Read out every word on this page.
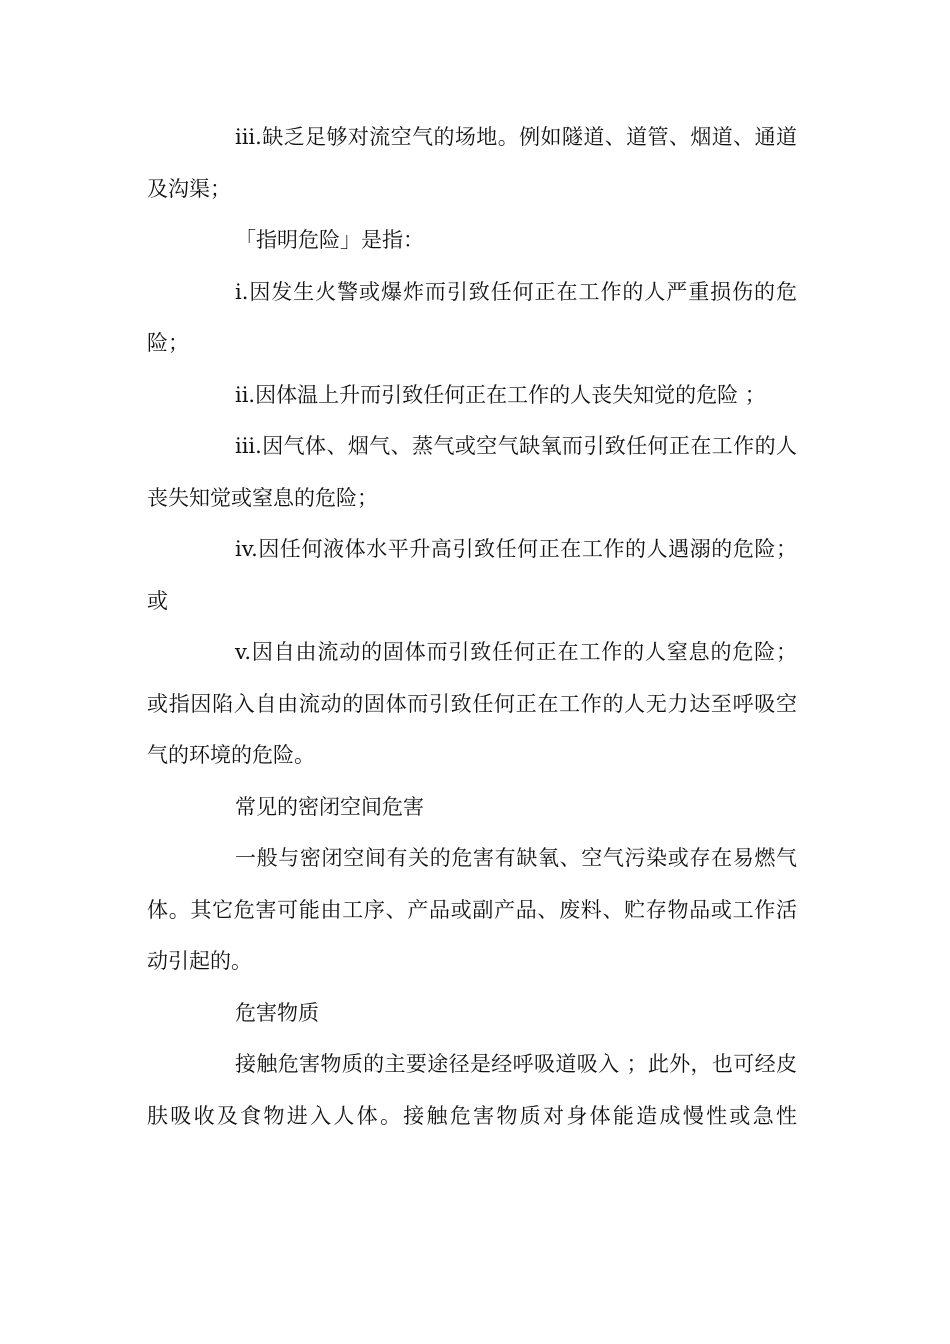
iii.缺乏足够对流空气的场地。例如隧道、道管、烟道、通道及沟渠；

「指明危险」是指：

i.因发生火警或爆炸而引致任何正在工作的人严重损伤的危险；

ii.因体温上升而引致任何正在工作的人丧失知觉的危险 ；

iii.因气体、烟气、蒸气或空气缺氧而引致任何正在工作的人丧失知觉或窒息的危险；

iv.因任何液体水平升高引致任何正在工作的人遇溺的危险；或

v.因自由流动的固体而引致任何正在工作的人窒息的危险；或指因陷入自由流动的固体而引致任何正在工作的人无力达至呼吸空气的环境的危险。

常见的密闭空间危害

一般与密闭空间有关的危害有缺氧、空气污染或存在易燃气体。其它危害可能由工序、产品或副产品、废料、贮存物品或工作活动引起的。

危害物质

接触危害物质的主要途径是经呼吸道吸入 ；此外，也可经皮肤吸收及食物进入人体。接触危害物质对身体能造成慢性或急性
